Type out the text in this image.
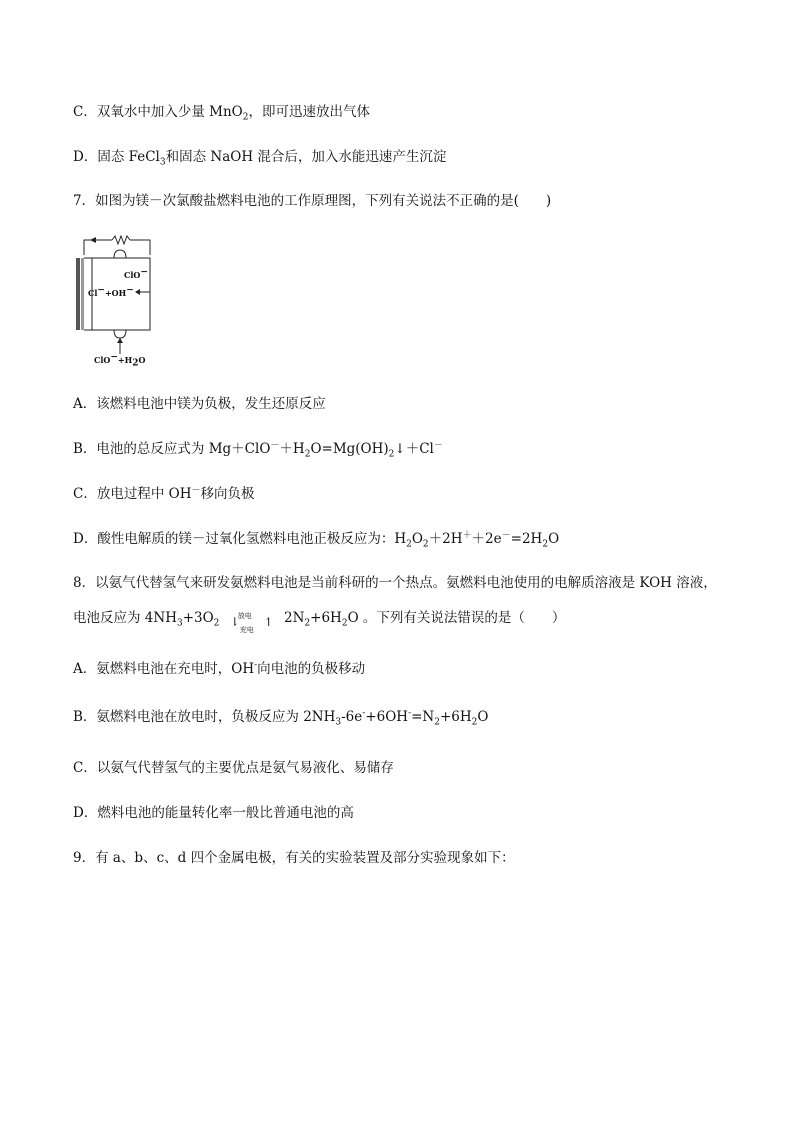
C．双氧水中加入少量 MnO$_2$，即可迅速放出气体
D．固态 FeCl$_3$和固态 NaOH 混合后，加入水能迅速产生沉淀
7．如图为镁－次氯酸盐燃料电池的工作原理图，下列有关说法不正确的是(　　)
ClO−
Cl−+OH−
$ClO^-+H_2O$
A．该燃料电池中镁为负极，发生还原反应
B．电池的总反应式为 $Mg+ClO^-+H_2O=Mg(OH)_2↓+Cl^-$
C．放电过程中 OH－移向负极
D．酸性电解质的镁－过氧化氢燃料电池正极反应为：$H_2O_2+2H^++2e^-=2H_2O$
8．以氨气代替氢气来研发氨燃料电池是当前科研的一个热点。氨燃料电池使用的电解质溶液是 KOH 溶液，
电池反应为 $4NH_3+3O_2$ ⇂
放电
充电
↿ $2N_2+6H_2O$ 。下列有关说法错误的是（　　）
A．氨燃料电池在充电时，OH-向电池的负极移动
B．氨燃料电池在放电时，负极反应为 $2NH_3-6e^-+6OH^-=N_2+6H_2O$
C．以氨气代替氢气的主要优点是氨气易液化、易储存
D．燃料电池的能量转化率一般比普通电池的高
9．有 a、b、c、d 四个金属电极，有关的实验装置及部分实验现象如下：
